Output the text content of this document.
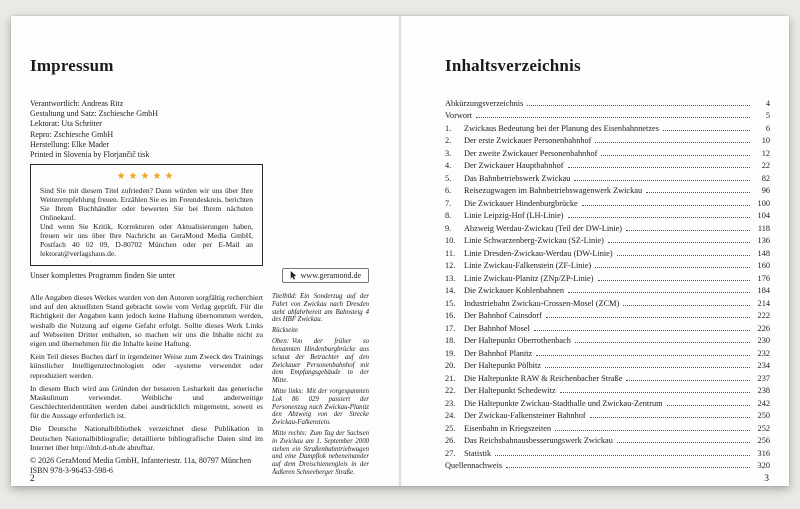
Impressum
Verantwortlich: Andreas Ritz
Gestaltung und Satz: Zschiesche GmbH
Lektorat: Uta Schröter
Repro: Zschiesche GmbH
Herstellung: Elke Mader
Printed in Slovenia by Florjančič tisk
★★★★★

Sind Sie mit diesem Titel zufrieden? Dann würden wir uns über Ihre Weiterempfehlung freuen. Erzählen Sie es im Freundeskreis, berichten Sie Ihrem Buchhändler oder bewerten Sie bei Ihrem nächsten Onlinekauf.

Und wenn Sie Kritik, Korrekturen oder Aktualisierungen haben, freuen wir uns über Ihre Nachricht an GeraMond Media GmbH, Postfach 40 02 09, D-80702 München oder per E-Mail an lektorat@verlagshaus.de.

Unser komplettes Programm finden Sie unter	www.geramond.de

Alle Angaben dieses Werkes wurden von den Autoren sorgfältig recherchiert und auf den aktuellsten Stand gebracht sowie vom Verlag geprüft. Für die Richtigkeit der Angaben kann jedoch keine Haftung übernommen werden, weshalb die Nutzung auf eigene Gefahr erfolgt. Sollte dieses Werk Links auf Webseiten Dritter enthalten, so machen wir uns die Inhalte nicht zu eigen und übernehmen für die Inhalte keine Haftung.

Kein Teil dieses Buches darf in irgendeiner Weise zum Zweck des Trainings künstlicher Intelligenztechnologien oder -systeme verwendet oder reproduziert werden.

In diesem Buch wird aus Gründen der besseren Lesbarkeit das generische Maskulinum verwendet. Weibliche und anderweitige Geschlechteridentitäten werden dabei ausdrücklich mitgemeint, soweit es für die Aussage erforderlich ist.

Die Deutsche Nationalbibliothek verzeichnet diese Publikation in Deutschen Nationalbibliografie; detaillierte bibliografische Daten sind im Internet über http://dnb.d-nb.de abrufbar.

Titelbild: Ein Sonderzug auf der Fahrt von Zwickau nach Dresden steht abfahrbereit am Bahnsteig 4 des HBF Zwickau.

Rückseite

Oben: Von der früher so benannten Hindenburgbrücke aus schaut der Betrachter auf den Zwickauer Personenbahnhof mit dem Empfangsgebäude in der Mitte.

Mitte links: Mit der vorgespannten Lok 86 029 passiert der Personenzug nach Zwickau-Planitz den Abzweig von der Strecke Zwickau-Falkenstein.

Mitte rechts: Zum Tag der Sachsen in Zwickau am 1. September 2000 stehen ein Straßenbahntriebwagen und eine Dampflok nebeneinander auf dem Dreischienengleis in der Äußeren Schneeberger Straße.

© 2026 GeraMond Media GmbH, Infanteriestr. 11a, 80797 München
ISBN 978-3-96453-598-6
2
Inhaltsverzeichnis
Abkürzungsverzeichnis	4
Vorwort	5
1.	Zwickaus Bedeutung bei der Planung des Eisenbahnnetzes	6
2.	Der erste Zwickauer Personenbahnhof	10
3.	Der zweite Zwickauer Personenbahnhof	12
4.	Der Zwickauer Hauptbahnhof	22
5.	Das Bahnbetriebswerk Zwickau	82
6.	Reisezugwagen im Bahnbetriebswagenwerk Zwickau	96
7.	Die Zwickauer Hindenburgbrücke	100
8.	Linie Leipzig-Hof (LH-Linie)	104
9.	Abzweig Werdau-Zwickau (Teil der DW-Linie)	118
10.	Linie Schwarzenberg-Zwickau (SZ-Linie)	136
11.	Linie Dresden-Zwickau-Werdau (DW-Linie)	148
12.	Linie Zwickau-Falkenstein (ZF-Linie)	160
13.	Linie Zwickau-Planitz (ZNp/ZP-Linie)	176
14.	Die Zwickauer Kohlenbahnen	184
15.	Industriebahn Zwickau-Crossen-Mosel (ZCM)	214
16.	Der Bahnhof Cainsdorf	222
17.	Der Bahnhof Mosel	226
18.	Der Haltepunkt Oberrothenbach	230
19.	Der Bahnhof Planitz	232
20.	Der Haltepunkt Pölbitz	234
21.	Die Haltepunkte RAW & Reichenbacher Straße	237
22.	Der Haltepunkt Schedewitz	238
23.	Die Haltepunkte Zwickau-Stadthalle und Zwickau-Zentrum	242
24.	Der Zwickau-Falkensteiner Bahnhof	250
25.	Eisenbahn in Kriegszeiten	252
26.	Das Reichsbahnausbesserungswerk Zwickau	256
27.	Statistik	316
Quellennachweis	320
3
